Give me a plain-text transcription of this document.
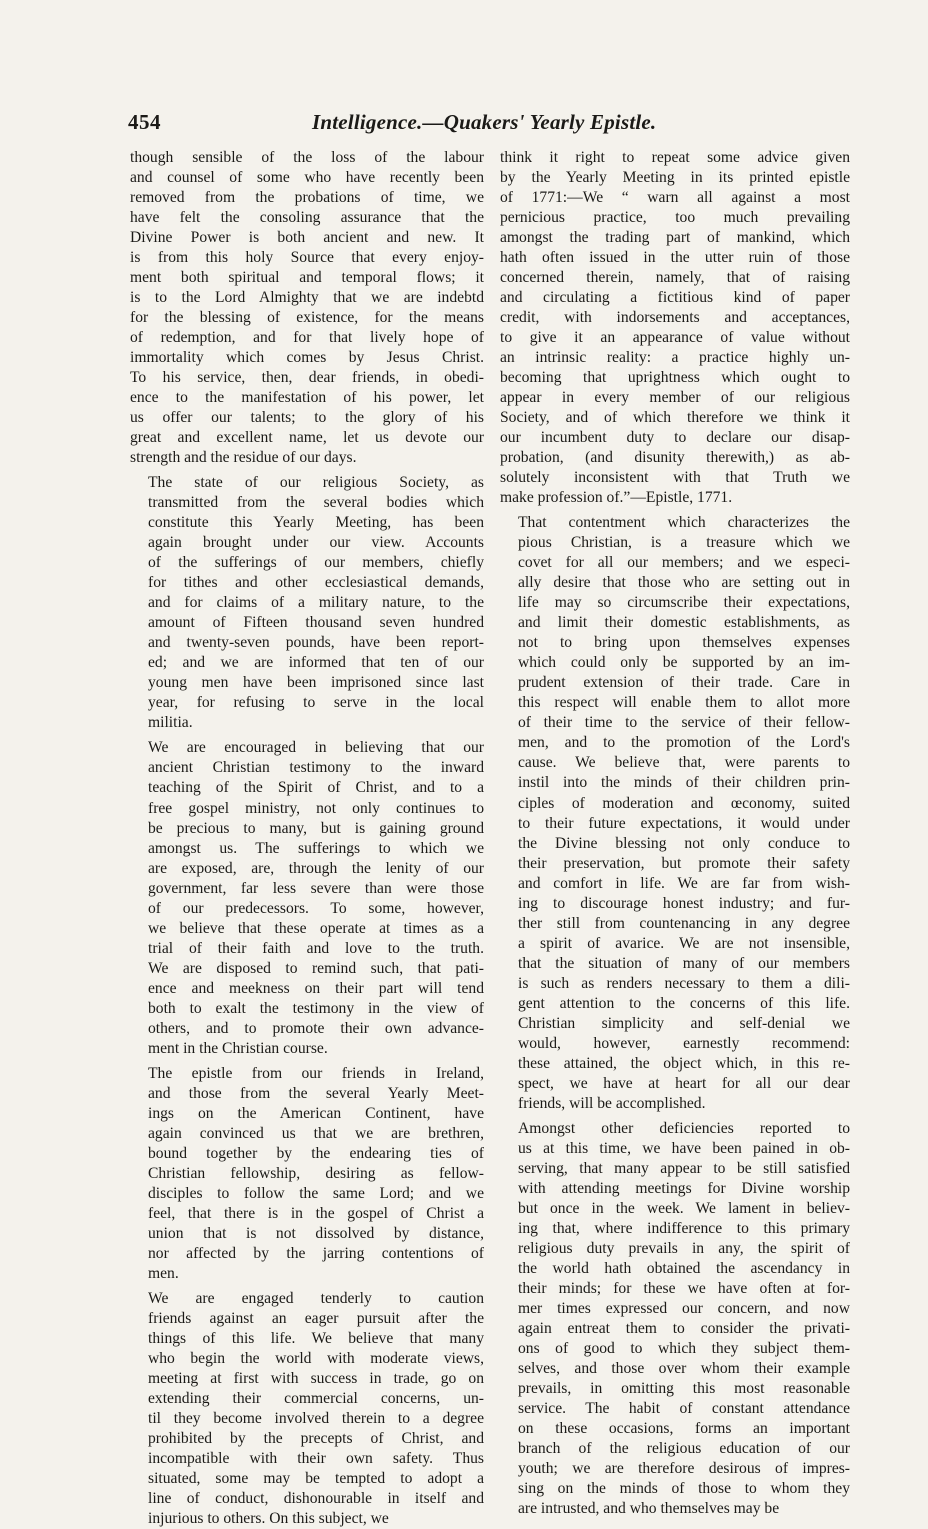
454	Intelligence.—Quakers' Yearly Epistle.
though sensible of the loss of the labour
and counsel of some who have recently been
removed from the probations of time, we
have felt the consoling assurance that the
Divine Power is both ancient and new. It
is from this holy Source that every enjoy-
ment both spiritual and temporal flows; it
is to the Lord Almighty that we are indebtd
for the blessing of existence, for the means
of redemption, and for that lively hope of
immortality which comes by Jesus Christ.
To his service, then, dear friends, in obedi-
ence to the manifestation of his power, let
us offer our talents; to the glory of his
great and excellent name, let us devote our
strength and the residue of our days.
The state of our religious Society, as
transmitted from the several bodies which
constitute this Yearly Meeting, has been
again brought under our view. Accounts
of the sufferings of our members, chiefly
for tithes and other ecclesiastical demands,
and for claims of a military nature, to the
amount of Fifteen thousand seven hundred
and twenty-seven pounds, have been report-
ed; and we are informed that ten of our
young men have been imprisoned since last
year, for refusing to serve in the local
militia.
We are encouraged in believing that our
ancient Christian testimony to the inward
teaching of the Spirit of Christ, and to a
free gospel ministry, not only continues to
be precious to many, but is gaining ground
amongst us. The sufferings to which we
are exposed, are, through the lenity of our
government, far less severe than were those
of our predecessors. To some, however,
we believe that these operate at times as a
trial of their faith and love to the truth.
We are disposed to remind such, that pati-
ence and meekness on their part will tend
both to exalt the testimony in the view of
others, and to promote their own advance-
ment in the Christian course.
The epistle from our friends in Ireland,
and those from the several Yearly Meet-
ings on the American Continent, have
again convinced us that we are brethren,
bound together by the endearing ties of
Christian fellowship, desiring as fellow-
disciples to follow the same Lord; and we
feel, that there is in the gospel of Christ a
union that is not dissolved by distance,
nor affected by the jarring contentions of
men.
We are engaged tenderly to caution
friends against an eager pursuit after the
things of this life. We believe that many
who begin the world with moderate views,
meeting at first with success in trade, go on
extending their commercial concerns, un-
til they become involved therein to a degree
prohibited by the precepts of Christ, and
incompatible with their own safety. Thus
situated, some may be tempted to adopt a
line of conduct, dishonourable in itself and
injurious to others. On this subject, we
think it right to repeat some advice given
by the Yearly Meeting in its printed epistle
of 1771:—We “ warn all against a most
pernicious practice, too much prevailing
amongst the trading part of mankind, which
hath often issued in the utter ruin of those
concerned therein, namely, that of raising
and circulating a fictitious kind of paper
credit, with indorsements and acceptances,
to give it an appearance of value without
an intrinsic reality: a practice highly un-
becoming that uprightness which ought to
appear in every member of our religious
Society, and of which therefore we think it
our incumbent duty to declare our disap-
probation, (and disunity therewith,) as ab-
solutely inconsistent with that Truth we
make profession of.”—Epistle, 1771.
That contentment which characterizes the
pious Christian, is a treasure which we
covet for all our members; and we especi-
ally desire that those who are setting out in
life may so circumscribe their expectations,
and limit their domestic establishments, as
not to bring upon themselves expenses
which could only be supported by an im-
prudent extension of their trade. Care in
this respect will enable them to allot more
of their time to the service of their fellow-
men, and to the promotion of the Lord's
cause. We believe that, were parents to
instil into the minds of their children prin-
ciples of moderation and œconomy, suited
to their future expectations, it would under
the Divine blessing not only conduce to
their preservation, but promote their safety
and comfort in life. We are far from wish-
ing to discourage honest industry; and fur-
ther still from countenancing in any degree
a spirit of avarice. We are not insensible,
that the situation of many of our members
is such as renders necessary to them a dili-
gent attention to the concerns of this life.
Christian simplicity and self-denial we
would, however, earnestly recommend:
these attained, the object which, in this re-
spect, we have at heart for all our dear
friends, will be accomplished.
Amongst other deficiencies reported to
us at this time, we have been pained in ob-
serving, that many appear to be still satisfied
with attending meetings for Divine worship
but once in the week. We lament in believ-
ing that, where indifference to this primary
religious duty prevails in any, the spirit of
the world hath obtained the ascendancy in
their minds; for these we have often at for-
mer times expressed our concern, and now
again entreat them to consider the privati-
ons of good to which they subject them-
selves, and those over whom their example
prevails, in omitting this most reasonable
service. The habit of constant attendance
on these occasions, forms an important
branch of the religious education of our
youth; we are therefore desirous of impres-
sing on the minds of those to whom they
are intrusted, and who themselves may be
